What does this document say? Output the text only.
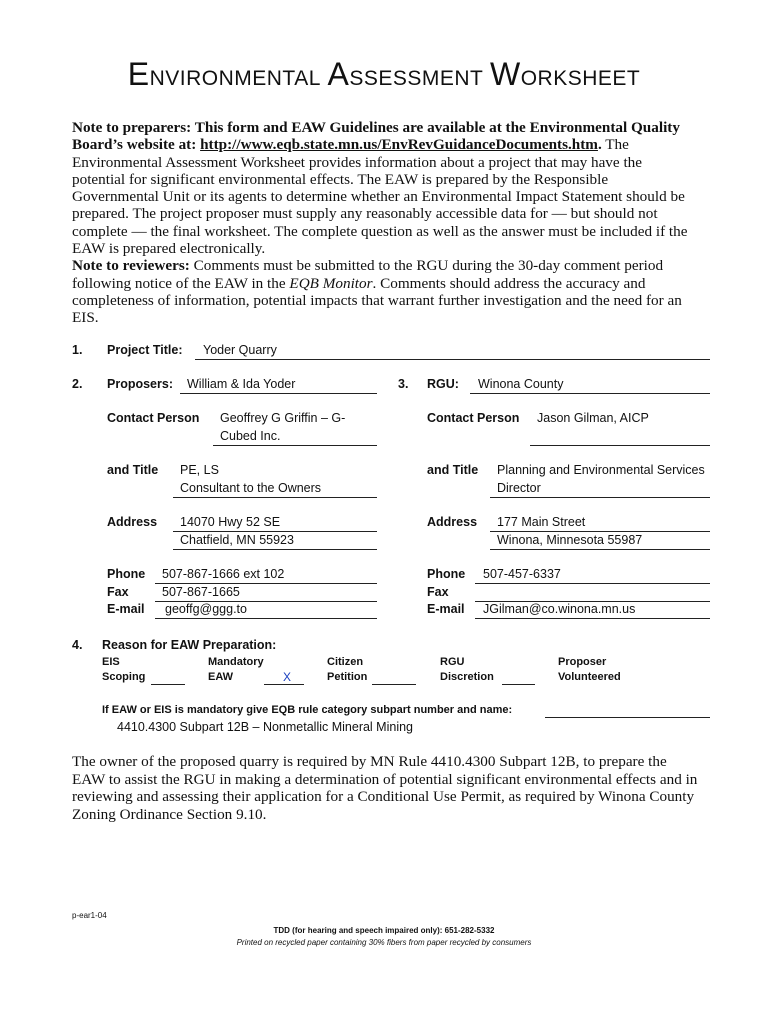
ENVIRONMENTAL ASSESSMENT WORKSHEET
Note to preparers: This form and EAW Guidelines are available at the Environmental Quality Board’s website at: http://www.eqb.state.mn.us/EnvRevGuidanceDocuments.htm. The Environmental Assessment Worksheet provides information about a project that may have the potential for significant environmental effects. The EAW is prepared by the Responsible Governmental Unit or its agents to determine whether an Environmental Impact Statement should be prepared. The project proposer must supply any reasonably accessible data for — but should not complete — the final worksheet. The complete question as well as the answer must be included if the EAW is prepared electronically.
Note to reviewers: Comments must be submitted to the RGU during the 30-day comment period following notice of the EAW in the EQB Monitor. Comments should address the accuracy and completeness of information, potential impacts that warrant further investigation and the need for an EIS.
1. Project Title: Yoder Quarry
2. Proposers: William & Ida Yoder	3. RGU: Winona County
Contact Person Geoffrey G Griffin – G-
Cubed Inc.
Contact Person Jason Gilman, AICP
and Title PE, LS
Consultant to the Owners
and Title Planning and Environmental Services
Director
Address 14070 Hwy 52 SE
Chatfield, MN 55923
Address 177 Main Street
Winona, Minnesota 55987
Phone 507-867-1666 ext 102
Fax	507-867-1665
E-mail geoffg@ggg.to
Phone 507-457-6337
Fax
E-mail JGilman@co.winona.mn.us
4. Reason for EAW Preparation:
EIS
Scoping
Mandatory
EAW	X
Citizen
Petition
RGU
Discretion
Proposer
Volunteered
If EAW or EIS is mandatory give EQB rule category subpart number and name:
4410.4300 Subpart 12B – Nonmetallic Mineral Mining
The owner of the proposed quarry is required by MN Rule 4410.4300 Subpart 12B, to prepare the EAW to assist the RGU in making a determination of potential significant environmental effects and in reviewing and assessing their application for a Conditional Use Permit, as required by Winona County Zoning Ordinance Section 9.10.
p-ear1-04
TDD (for hearing and speech impaired only): 651-282-5332
Printed on recycled paper containing 30% fibers from paper recycled by consumers
